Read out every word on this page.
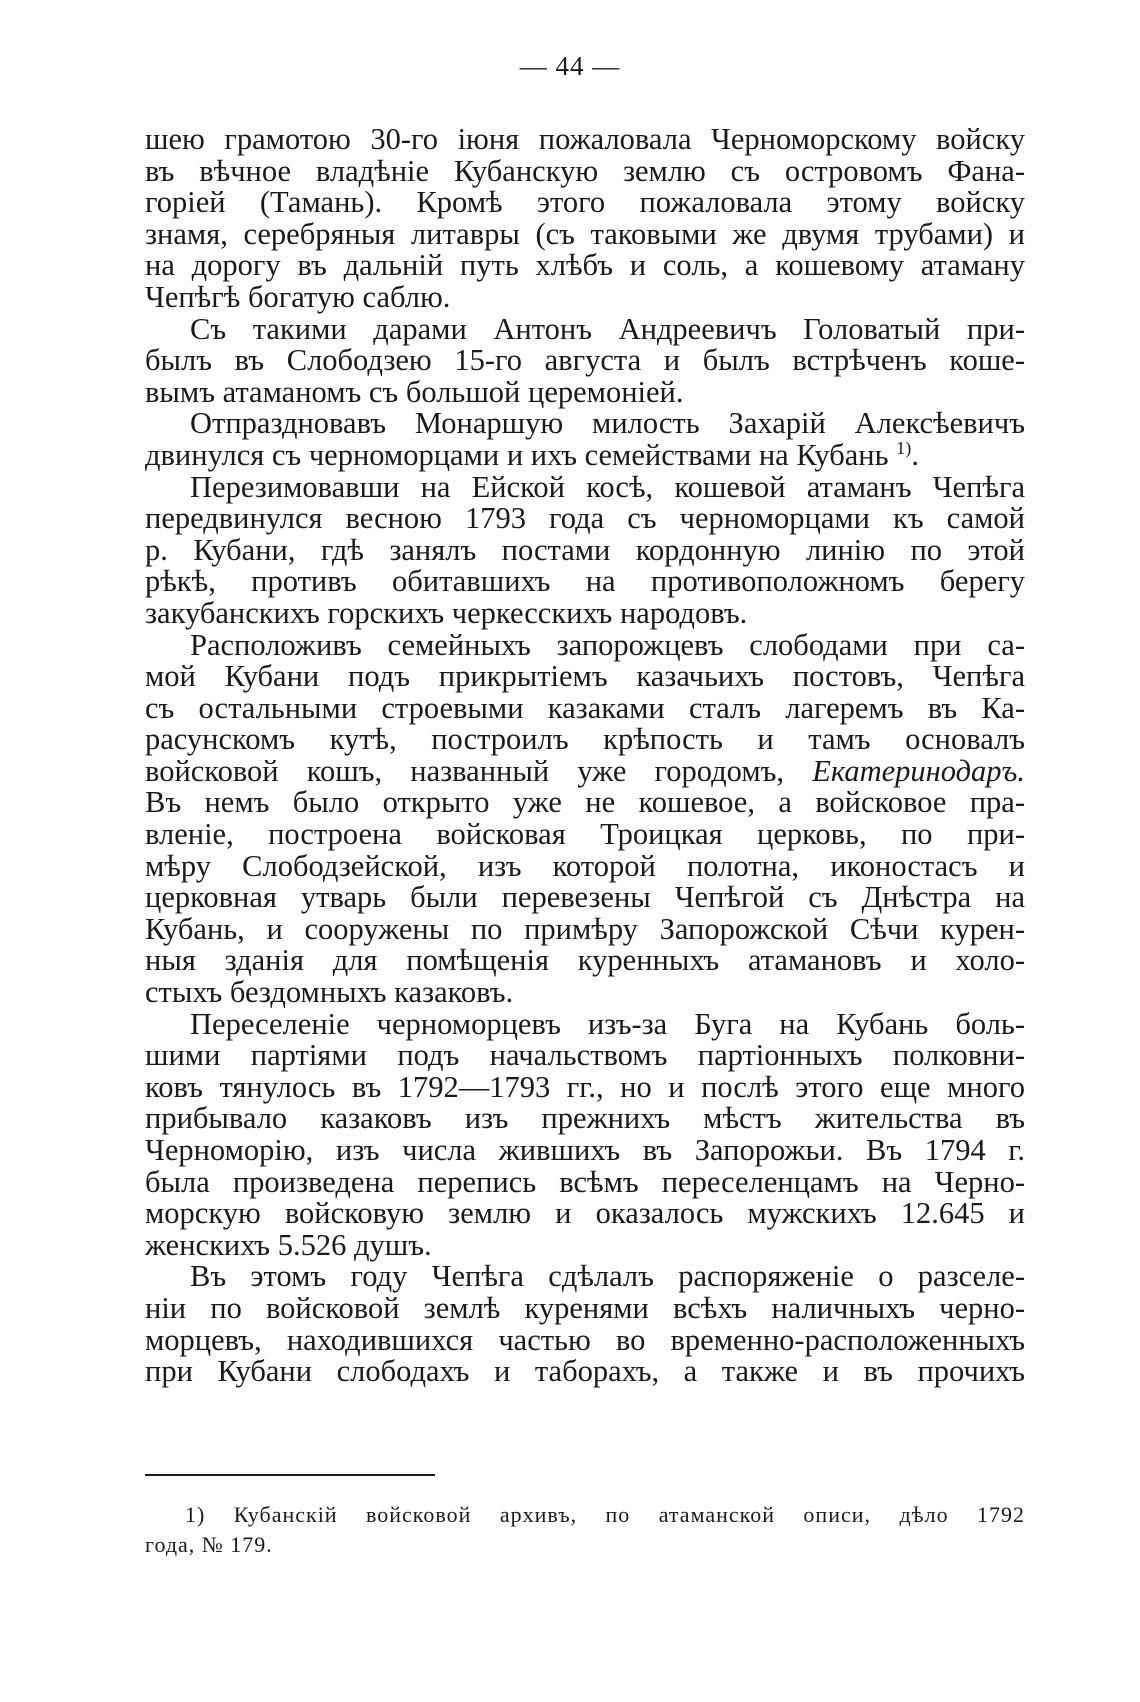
— 44 —
шею грамотою 30-го іюня пожаловала Черноморскому войску
въ вѣчное владѣніе Кубанскую землю съ островомъ Фана-
горіей (Тамань). Кромѣ этого пожаловала этому войску
знамя, серебряныя литавры (съ таковыми же двумя трубами) и
на дорогу въ дальній путь хлѣбъ и соль, а кошевому атаману
Чепѣгѣ богатую саблю.
Съ такими дарами Антонъ Андреевичъ Головатый при-
былъ въ Слободзею 15-го августа и былъ встрѣченъ коше-
вымъ атаманомъ съ большой церемоніей.
Отпраздновавъ Монаршую милость Захарій Алексѣевичъ
двинулся съ черноморцами и ихъ семействами на Кубань $^{1)}$.
Перезимовавши на Ейской косѣ, кошевой атаманъ Чепѣга
передвинулся весною 1793 года съ черноморцами къ самой
р. Кубани, гдѣ занялъ постами кордонную линію по этой
рѣкѣ, противъ обитавшихъ на противоположномъ берегу
закубанскихъ горскихъ черкесскихъ народовъ.
Расположивъ семейныхъ запорожцевъ слободами при са-
мой Кубани подъ прикрытіемъ казачьихъ постовъ, Чепѣга
съ остальными строевыми казаками сталъ лагеремъ въ Ка-
расунскомъ кутѣ, построилъ крѣпость и тамъ основалъ
войсковой кошъ, названный уже городомъ, Екатеринодаръ.
Въ немъ было открыто уже не кошевое, а войсковое пра-
вленіе, построена войсковая Троицкая церковь, по при-
мѣру Слободзейской, изъ которой полотна, иконостасъ и
церковная утварь были перевезены Чепѣгой съ Днѣстра на
Кубань, и сооружены по примѣру Запорожской Сѣчи курен-
ныя зданія для помѣщенія куренныхъ атамановъ и холо-
стыхъ бездомныхъ казаковъ.
Переселеніе черноморцевъ изъ-за Буга на Кубань боль-
шими партіями подъ начальствомъ партіонныхъ полковни-
ковъ тянулось въ 1792—1793 гг., но и послѣ этого еще много
прибывало казаковъ изъ прежнихъ мѣстъ жительства въ
Черноморію, изъ числа жившихъ въ Запорожьи. Въ 1794 г.
была произведена перепись всѣмъ переселенцамъ на Черно-
морскую войсковую землю и оказалось мужскихъ 12.645 и
женскихъ 5.526 душъ.
Въ этомъ году Чепѣга сдѣлалъ распоряженіе о разселе-
ніи по войсковой землѣ куренями всѣхъ наличныхъ черно-
морцевъ, находившихся частью во временно-расположенныхъ
при Кубани слободахъ и таборахъ, а также и въ прочихъ
1) Кубанскій войсковой архивъ, по атаманской описи, дѣло 1792
года, № 179.
